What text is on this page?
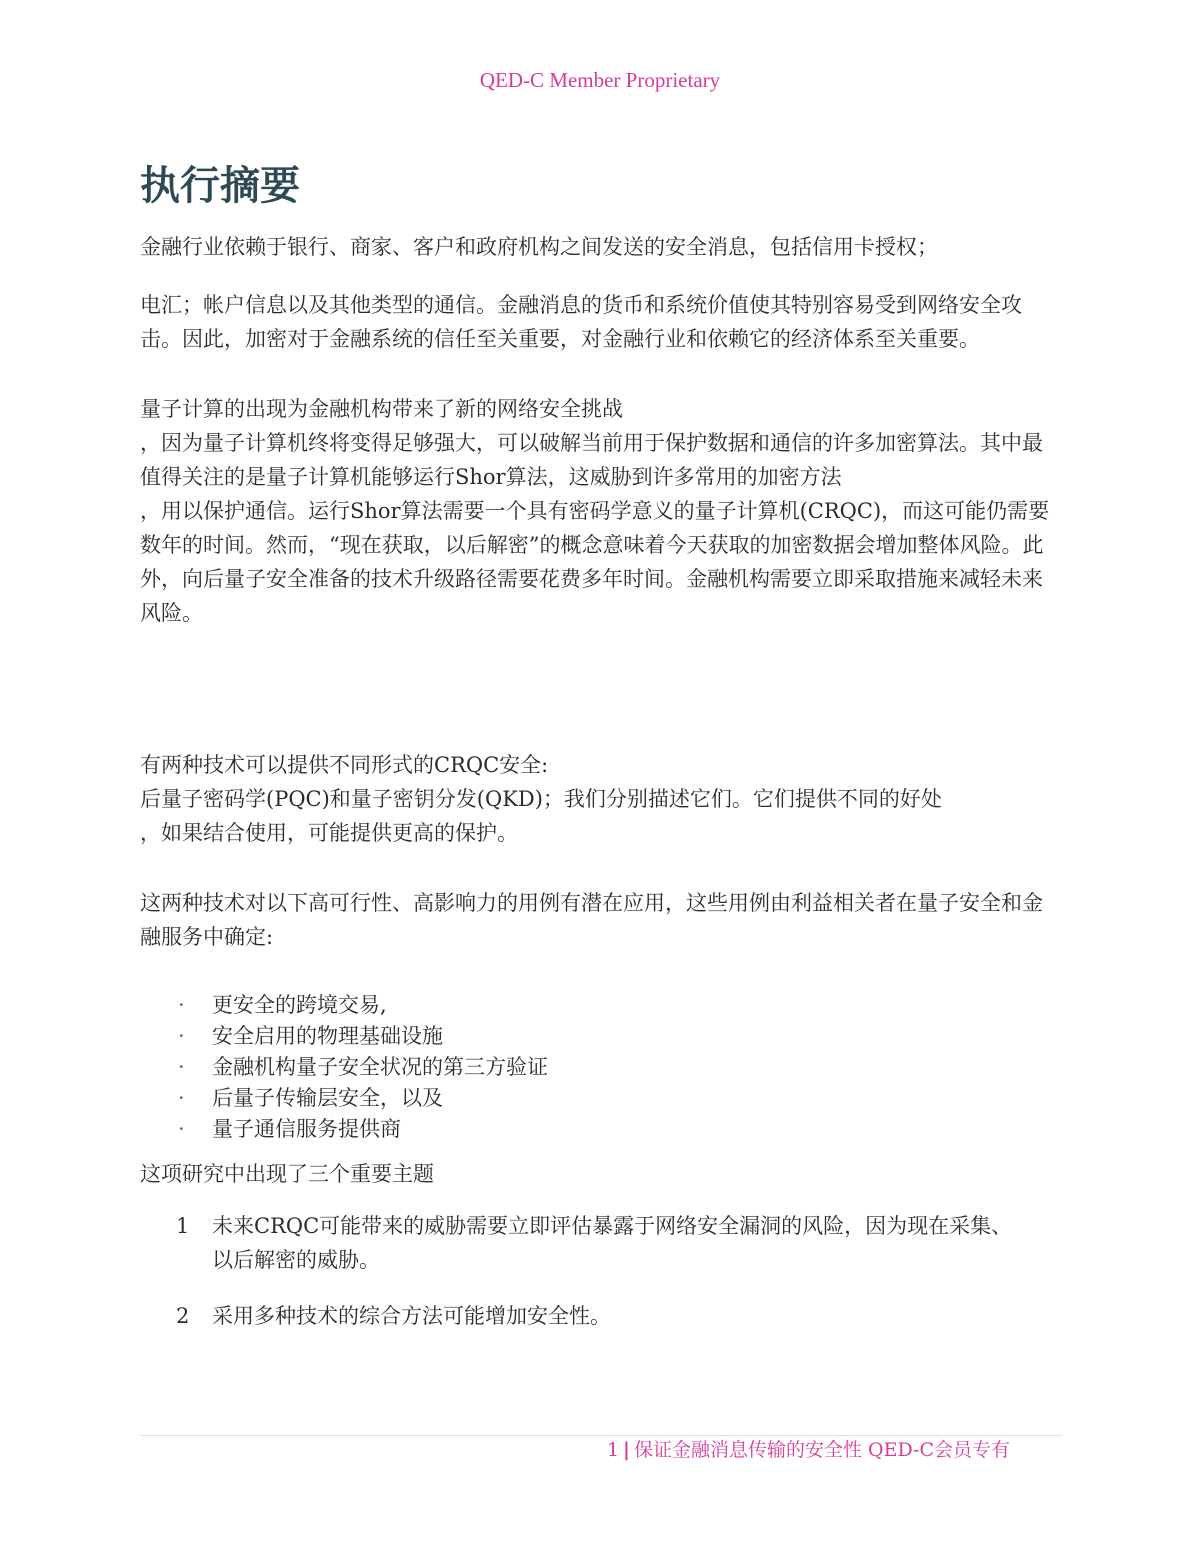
QED-C Member Proprietary
执行摘要

金融行业依赖于银行、商家、客户和政府机构之间发送的安全消息，包括信用卡授权；

电汇；帐户信息以及其他类型的通信。金融消息的货币和系统价值使其特别容易受到网络安全攻击。因此，加密对于金融系统的信任至关重要，对金融行业和依赖它的经济体系至关重要。

量子计算的出现为金融机构带来了新的网络安全挑战
，因为量子计算机终将变得足够强大，可以破解当前用于保护数据和通信的许多加密算法。其中最值得关注的是量子计算机能够运行Shor算法，这威胁到许多常用的加密方法
，用以保护通信。运行Shor算法需要一个具有密码学意义的量子计算机(CRQC)，而这可能仍需要数年的时间。然而，“现在获取，以后解密”的概念意味着今天获取的加密数据会增加整体风险。此外，向后量子安全准备的技术升级路径需要花费多年时间。金融机构需要立即采取措施来减轻未来风险。

有两种技术可以提供不同形式的CRQC安全:
后量子密码学(PQC)和量子密钥分发(QKD)；我们分别描述它们。它们提供不同的好处
，如果结合使用，可能提供更高的保护。

这两种技术对以下高可行性、高影响力的用例有潜在应用，这些用例由利益相关者在量子安全和金融服务中确定:

·	更安全的跨境交易,
·	安全启用的物理基础设施
·	金融机构量子安全状况的第三方验证
·	后量子传输层安全，以及
·	量子通信服务提供商

这项研究中出现了三个重要主题

1	未来CRQC可能带来的威胁需要立即评估暴露于网络安全漏洞的风险，因为现在采集、以后解密的威胁。
2	采用多种技术的综合方法可能增加安全性。
1 | 保证金融消息传输的安全性 QED-C会员专有
